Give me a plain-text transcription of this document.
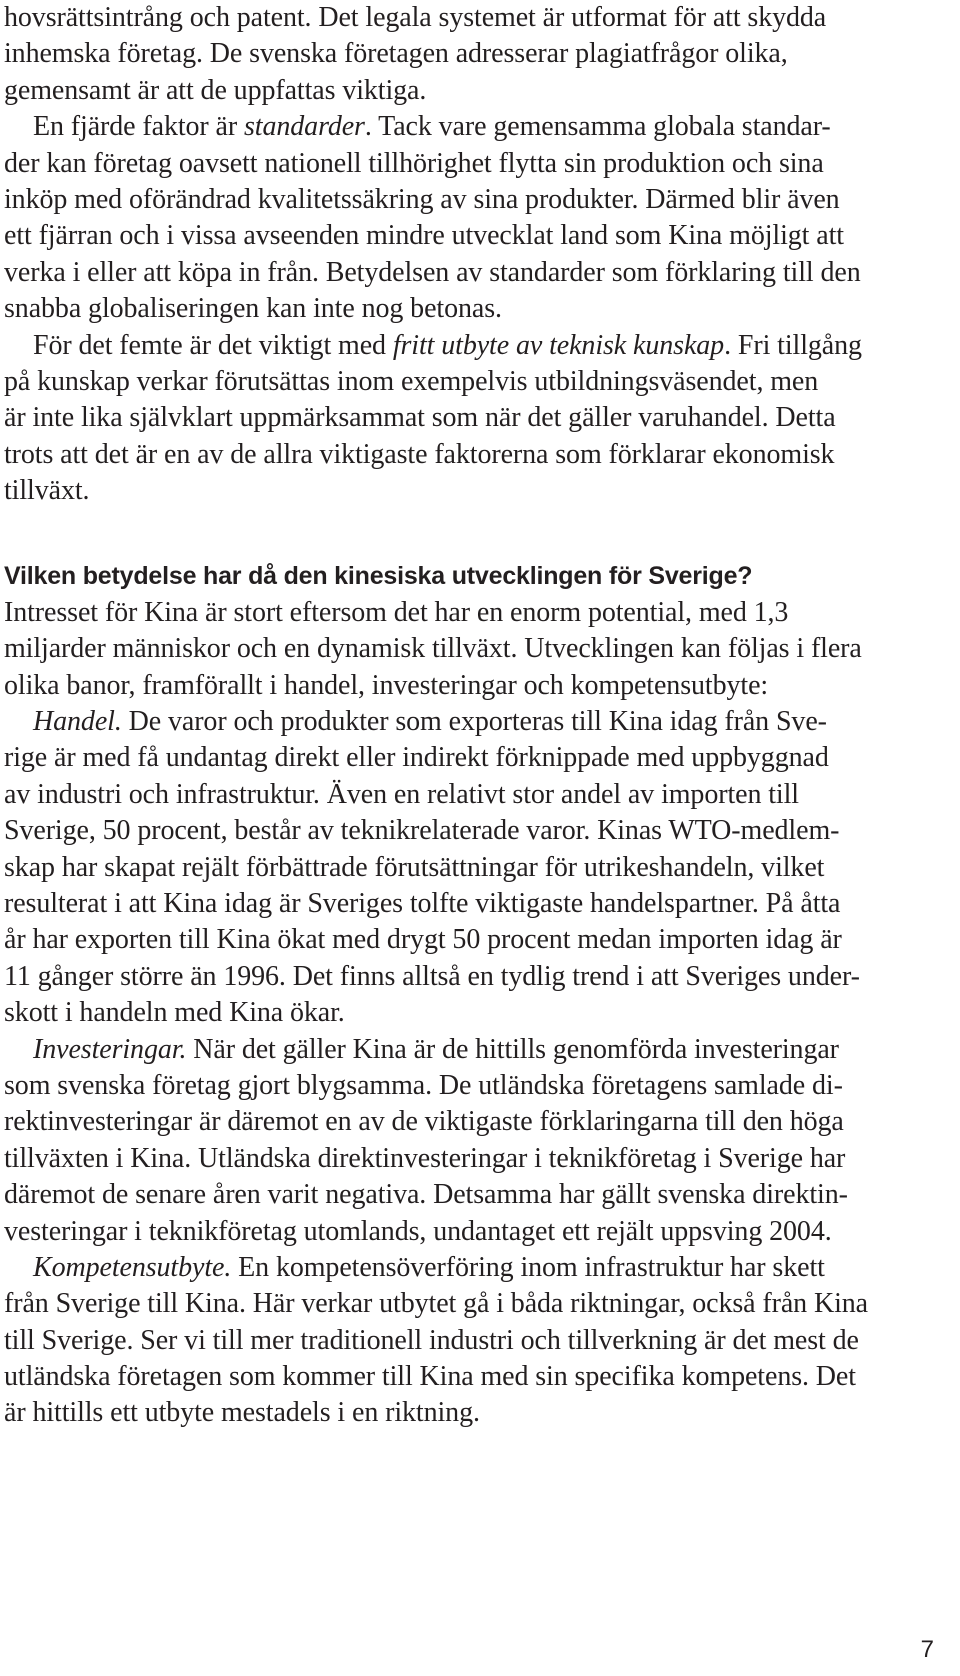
hovsrättsintrång och patent. Det legala systemet är utformat för att skydda
inhemska företag. De svenska företagen adresserar plagiatfrågor olika,
gemensamt är att de uppfattas viktiga.
En fjärde faktor är standarder. Tack vare gemensamma globala standar-
der kan företag oavsett nationell tillhörighet flytta sin produktion och sina
inköp med oförändrad kvalitetssäkring av sina produkter. Därmed blir även
ett fjärran och i vissa avseenden mindre utvecklat land som Kina möjligt att
verka i eller att köpa in från. Betydelsen av standarder som förklaring till den
snabba globaliseringen kan inte nog betonas.
För det femte är det viktigt med fritt utbyte av teknisk kunskap. Fri tillgång
på kunskap verkar förutsättas inom exempelvis utbildningsväsendet, men
är inte lika självklart uppmärksammat som när det gäller varuhandel. Detta
trots att det är en av de allra viktigaste faktorerna som förklarar ekonomisk
tillväxt.
Vilken betydelse har då den kinesiska utvecklingen för Sverige?
Intresset för Kina är stort eftersom det har en enorm potential, med 1,3
miljarder människor och en dynamisk tillväxt. Utvecklingen kan följas i flera
olika banor, framförallt i handel, investeringar och kompetensutbyte:
Handel. De varor och produkter som exporteras till Kina idag från Sve-
rige är med få undantag direkt eller indirekt förknippade med uppbyggnad
av industri och infrastruktur. Även en relativt stor andel av importen till
Sverige, 50 procent, består av teknikrelaterade varor. Kinas WTO-medlem-
skap har skapat rejält förbättrade förutsättningar för utrikeshandeln, vilket
resulterat i att Kina idag är Sveriges tolfte viktigaste handelspartner. På åtta
år har exporten till Kina ökat med drygt 50 procent medan importen idag är
11 gånger större än 1996. Det finns alltså en tydlig trend i att Sveriges under-
skott i handeln med Kina ökar.
Investeringar. När det gäller Kina är de hittills genomförda investeringar
som svenska företag gjort blygsamma. De utländska företagens samlade di-
rektinvesteringar är däremot en av de viktigaste förklaringarna till den höga
tillväxten i Kina. Utländska direktinvesteringar i teknikföretag i Sverige har
däremot de senare åren varit negativa. Detsamma har gällt svenska direktin-
vesteringar i teknikföretag utomlands, undantaget ett rejält uppsving 2004.
Kompetensutbyte. En kompetensöverföring inom infrastruktur har skett
från Sverige till Kina. Här verkar utbytet gå i båda riktningar, också från Kina
till Sverige. Ser vi till mer traditionell industri och tillverkning är det mest de
utländska företagen som kommer till Kina med sin specifika kompetens. Det
är hittills ett utbyte mestadels i en riktning.
7
